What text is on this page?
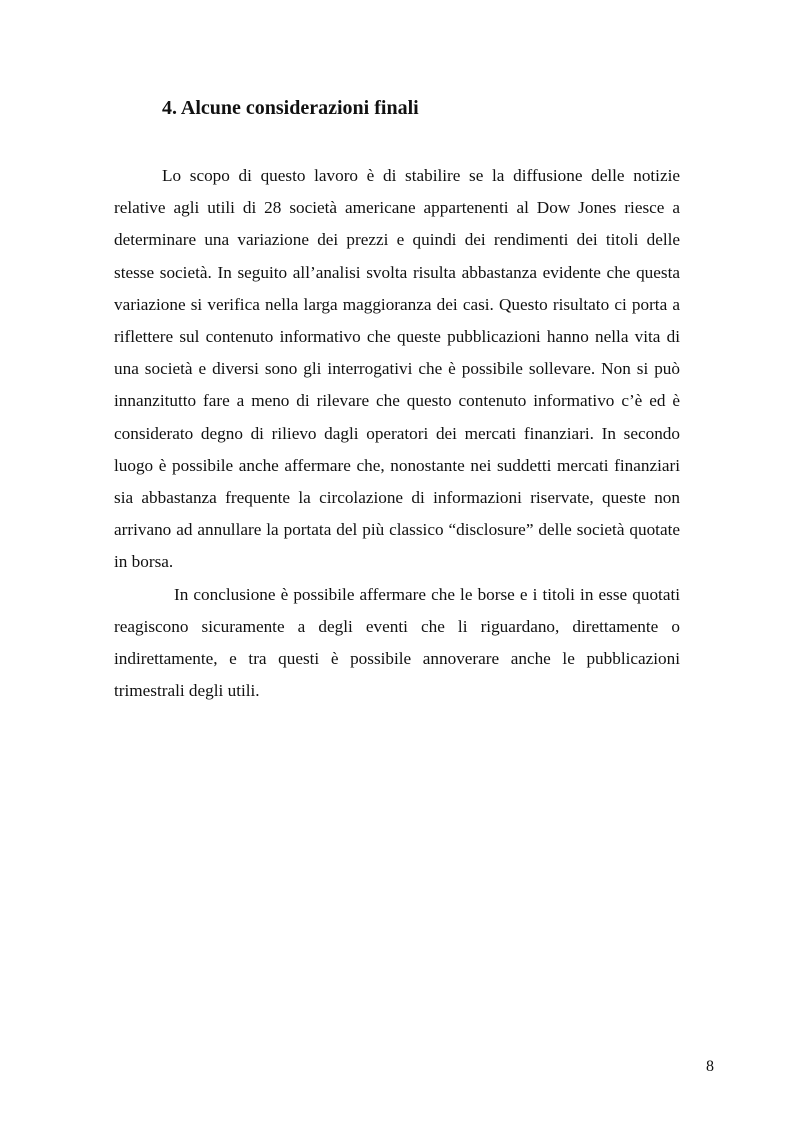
4. Alcune considerazioni finali

Lo scopo di questo lavoro è di stabilire se la diffusione delle notizie relative agli utili di 28 società americane appartenenti al Dow Jones riesce a determinare una variazione dei prezzi e quindi dei rendimenti dei titoli delle stesse società. In seguito all’analisi svolta risulta abbastanza evidente che questa variazione si verifica nella larga maggioranza dei casi. Questo risultato ci porta a riflettere sul contenuto informativo che queste pubblicazioni hanno nella vita di una società e diversi sono gli interrogativi che è possibile sollevare. Non si può innanzitutto fare a meno di rilevare che questo contenuto informativo c’è ed è considerato degno di rilievo dagli operatori dei mercati finanziari. In secondo luogo è possibile anche affermare che, nonostante nei suddetti mercati finanziari sia abbastanza frequente la circolazione di informazioni riservate, queste non arrivano ad annullare la portata del più classico “disclosure” delle società quotate in borsa.

In conclusione è possibile affermare che le borse e i titoli in esse quotati reagiscono sicuramente a degli eventi che li riguardano, direttamente o indirettamente, e tra questi è possibile annoverare anche le pubblicazioni trimestrali degli utili.

8
